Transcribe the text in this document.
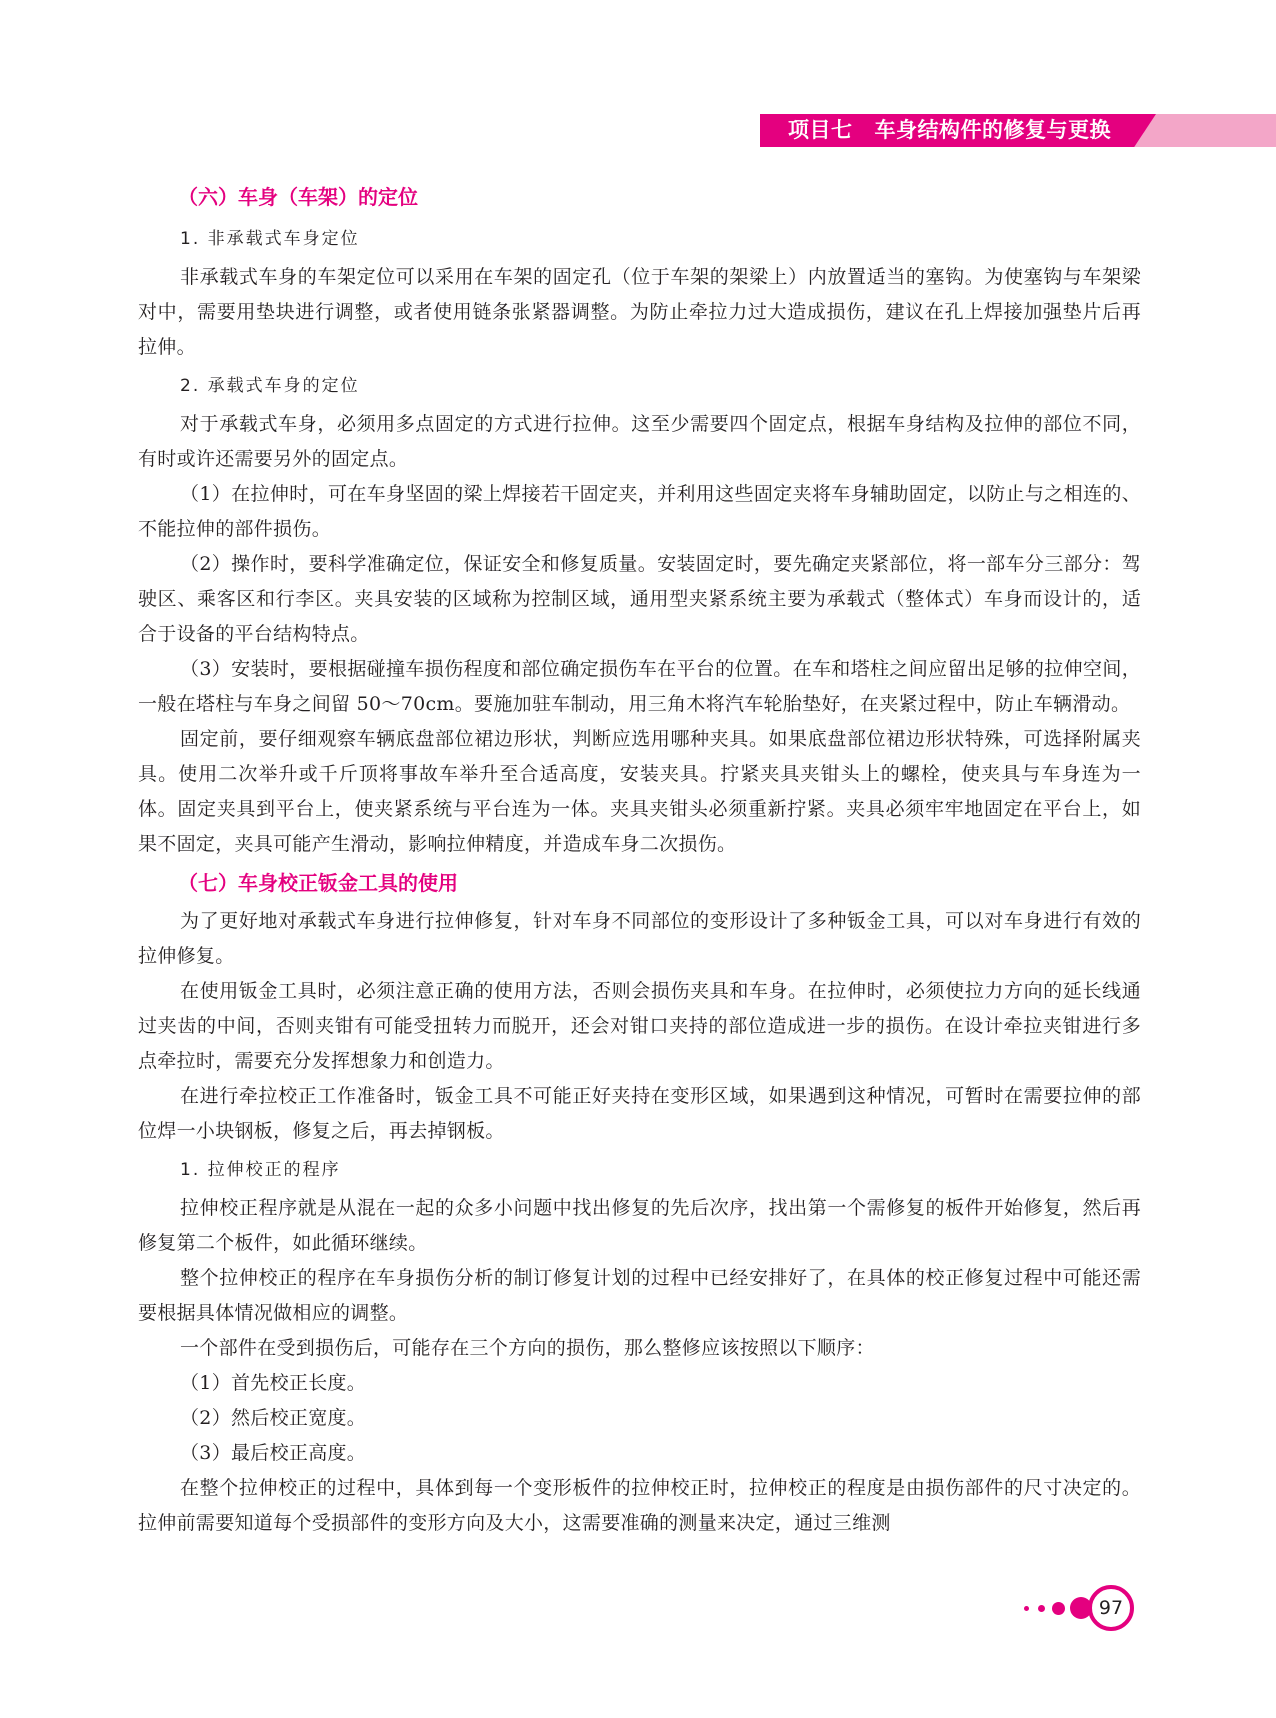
项目七 车身结构件的修复与更换

（六）车身（车架）的定位

1. 非承载式车身定位

非承载式车身的车架定位可以采用在车架的固定孔（位于车架的架梁上）内放置适当的塞钩。为使塞钩与车架梁对中，需要用垫块进行调整，或者使用链条张紧器调整。为防止牵拉力过大造成损伤，建议在孔上焊接加强垫片后再拉伸。

2. 承载式车身的定位

对于承载式车身，必须用多点固定的方式进行拉伸。这至少需要四个固定点，根据车身结构及拉伸的部位不同，有时或许还需要另外的固定点。

（1）在拉伸时，可在车身坚固的梁上焊接若干固定夹，并利用这些固定夹将车身辅助固定，以防止与之相连的、不能拉伸的部件损伤。

（2）操作时，要科学准确定位，保证安全和修复质量。安装固定时，要先确定夹紧部位，将一部车分三部分：驾驶区、乘客区和行李区。夹具安装的区域称为控制区域，通用型夹紧系统主要为承载式（整体式）车身而设计的，适合于设备的平台结构特点。

（3）安装时，要根据碰撞车损伤程度和部位确定损伤车在平台的位置。在车和塔柱之间应留出足够的拉伸空间，一般在塔柱与车身之间留 50～70cm。要施加驻车制动，用三角木将汽车轮胎垫好，在夹紧过程中，防止车辆滑动。

固定前，要仔细观察车辆底盘部位裙边形状，判断应选用哪种夹具。如果底盘部位裙边形状特殊，可选择附属夹具。使用二次举升或千斤顶将事故车举升至合适高度，安装夹具。拧紧夹具夹钳头上的螺栓，使夹具与车身连为一体。固定夹具到平台上，使夹紧系统与平台连为一体。夹具夹钳头必须重新拧紧。夹具必须牢牢地固定在平台上，如果不固定，夹具可能产生滑动，影响拉伸精度，并造成车身二次损伤。

（七）车身校正钣金工具的使用

为了更好地对承载式车身进行拉伸修复，针对车身不同部位的变形设计了多种钣金工具，可以对车身进行有效的拉伸修复。

在使用钣金工具时，必须注意正确的使用方法，否则会损伤夹具和车身。在拉伸时，必须使拉力方向的延长线通过夹齿的中间，否则夹钳有可能受扭转力而脱开，还会对钳口夹持的部位造成进一步的损伤。在设计牵拉夹钳进行多点牵拉时，需要充分发挥想象力和创造力。

在进行牵拉校正工作准备时，钣金工具不可能正好夹持在变形区域，如果遇到这种情况，可暂时在需要拉伸的部位焊一小块钢板，修复之后，再去掉钢板。

1. 拉伸校正的程序

拉伸校正程序就是从混在一起的众多小问题中找出修复的先后次序，找出第一个需修复的板件开始修复，然后再修复第二个板件，如此循环继续。

整个拉伸校正的程序在车身损伤分析的制订修复计划的过程中已经安排好了，在具体的校正修复过程中可能还需要根据具体情况做相应的调整。

一个部件在受到损伤后，可能存在三个方向的损伤，那么整修应该按照以下顺序：

（1）首先校正长度。

（2）然后校正宽度。

（3）最后校正高度。

在整个拉伸校正的过程中，具体到每一个变形板件的拉伸校正时，拉伸校正的程度是由损伤部件的尺寸决定的。拉伸前需要知道每个受损部件的变形方向及大小，这需要准确的测量来决定，通过三维测

97
